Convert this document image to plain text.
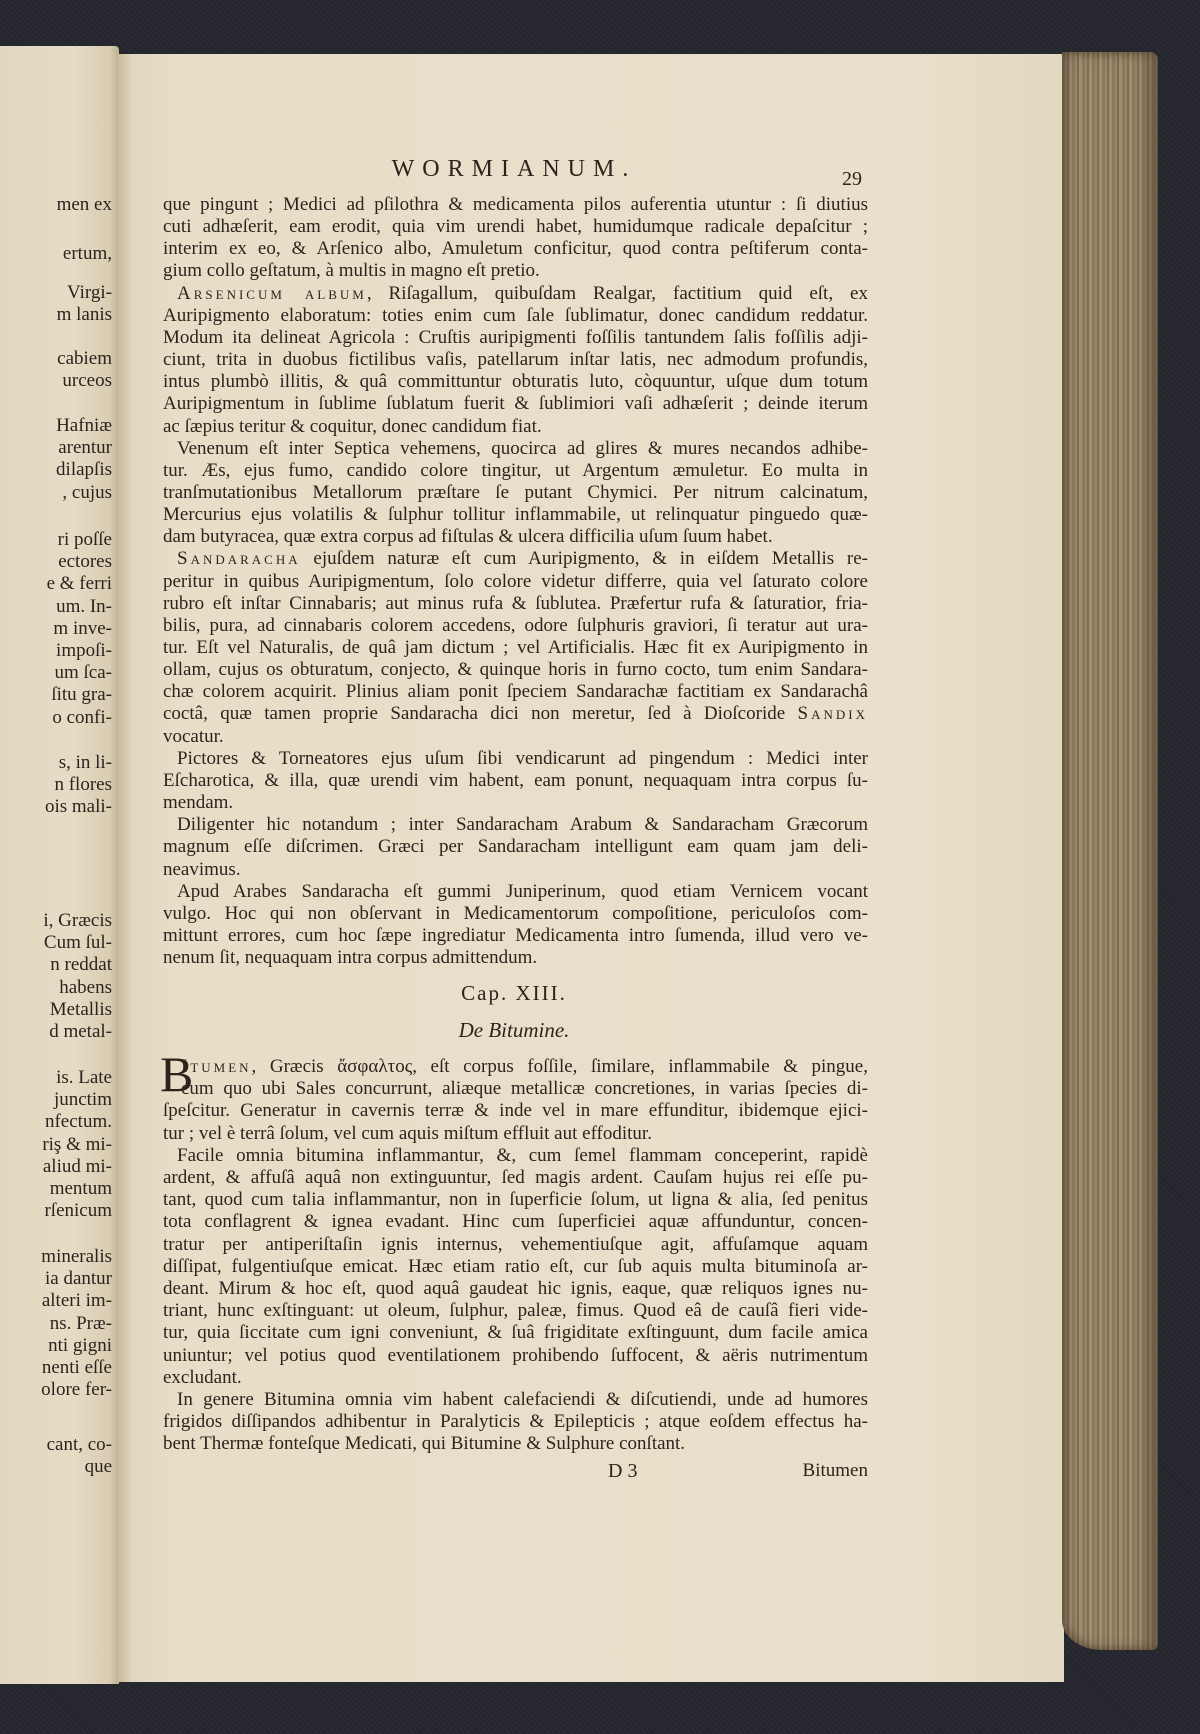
men ex
ertum,
Virgi-
m lanis
cabiem
urceos
Hafniæ
arentur
dilapſis
, cujus
ri poſſe
ectores
e & ferri
um. In-
m inve-
impoſi-
um ſca-
ſitu gra-
o confi-
s, in li-
n flores
ois mali-
i, Græcis
Cum ſul-
n reddat
habens
Metallis
d metal-
is. Late
junctim
nfectum.
riş & mi-
aliud mi-
mentum
rſenicum
mineralis
ia dantur
alteri im-
ns. Præ-
nti gigni
nenti eſſe
olore fer-
cant, co-
que
WORMIANUM.	29
Cap. XIII.
De Bitumine.
B
D 3	Bitumen
que pingunt ; Medici ad pſilothra & medicamenta pilos auferentia utuntur : ſi diutius
cuti adhæſerit, eam erodit, quia vim urendi habet, humidumque radicale depaſcitur ;
interim ex eo, & Arſenico albo, Amuletum conficitur, quod contra peſtiferum conta-
gium collo geſtatum, à multis in magno eſt pretio.
Arsenicum album, Riſagallum, quibuſdam Realgar, factitium quid eſt, ex
Auripigmento elaboratum: toties enim cum ſale ſublimatur, donec candidum reddatur.
Modum ita delineat Agricola : Cruſtis auripigmenti foſſilis tantundem ſalis foſſilis adji-
ciunt, trita in duobus fictilibus vaſis, patellarum inſtar latis, nec admodum profundis,
intus plumbò illitis, & quâ committuntur obturatis luto, còquuntur, uſque dum totum
Auripigmentum in ſublime ſublatum fuerit & ſublimiori vaſi adhæſerit ; deinde iterum
ac ſæpius teritur & coquitur, donec candidum fiat.
Venenum eſt inter Septica vehemens, quocirca ad glires & mures necandos adhibe-
tur. Æs, ejus fumo, candido colore tingitur, ut Argentum æmuletur. Eo multa in
tranſmutationibus Metallorum præſtare ſe putant Chymici. Per nitrum calcinatum,
Mercurius ejus volatilis & ſulphur tollitur inflammabile, ut relinquatur pinguedo quæ-
dam butyracea, quæ extra corpus ad fiſtulas & ulcera difficilia uſum ſuum habet.
Sandaracha ejuſdem naturæ eſt cum Auripigmento, & in eiſdem Metallis re-
peritur in quibus Auripigmentum, ſolo colore videtur differre, quia vel ſaturato colore
rubro eſt inſtar Cinnabaris; aut minus rufa & ſublutea. Præfertur rufa & ſaturatior, fria-
bilis, pura, ad cinnabaris colorem accedens, odore ſulphuris graviori, ſi teratur aut ura-
tur. Eſt vel Naturalis, de quâ jam dictum ; vel Artificialis. Hæc fit ex Auripigmento in
ollam, cujus os obturatum, conjecto, & quinque horis in furno cocto, tum enim Sandara-
chæ colorem acquirit. Plinius aliam ponit ſpeciem Sandarachæ factitiam ex Sandarachâ
coctâ, quæ tamen proprie Sandaracha dici non meretur, ſed à Dioſcoride Sandix
vocatur.
Pictores & Torneatores ejus uſum ſibi vendicarunt ad pingendum : Medici inter
Eſcharotica, & illa, quæ urendi vim habent, eam ponunt, nequaquam intra corpus ſu-
mendam.
Diligenter hic notandum ; inter Sandaracham Arabum & Sandaracham Græcorum
magnum eſſe diſcrimen. Græci per Sandaracham intelligunt eam quam jam deli-
neavimus.
Apud Arabes Sandaracha eſt gummi Juniperinum, quod etiam Vernicem vocant
vulgo. Hoc qui non obſervant in Medicamentorum compoſitione, periculoſos com-
mittunt errores, cum hoc ſæpe ingrediatur Medicamenta intro ſumenda, illud vero ve-
nenum ſit, nequaquam intra corpus admittendum.
Itumen, Græcis ἄσφαλτος, eſt corpus foſſile, ſimilare, inflammabile & pingue,
cum quo ubi Sales concurrunt, aliæque metallicæ concretiones, in varias ſpecies di-
ſpeſcitur. Generatur in cavernis terræ & inde vel in mare effunditur, ibidemque ejici-
tur ; vel è terrâ ſolum, vel cum aquis miſtum effluit aut effoditur.
Facile omnia bitumina inflammantur, &, cum ſemel flammam conceperint, rapidè
ardent, & affuſâ aquâ non extinguuntur, ſed magis ardent. Cauſam hujus rei eſſe pu-
tant, quod cum talia inflammantur, non in ſuperficie ſolum, ut ligna & alia, ſed penitus
tota conflagrent & ignea evadant. Hinc cum ſuperficiei aquæ affunduntur, concen-
tratur per antiperiſtaſin ignis internus, vehementiuſque agit, affuſamque aquam
diſſipat, fulgentiuſque emicat. Hæc etiam ratio eſt, cur ſub aquis multa bituminoſa ar-
deant. Mirum & hoc eſt, quod aquâ gaudeat hic ignis, eaque, quæ reliquos ignes nu-
triant, hunc exſtinguant: ut oleum, ſulphur, paleæ, fimus. Quod eâ de cauſâ fieri vide-
tur, quia ſiccitate cum igni conveniunt, & ſuâ frigiditate exſtinguunt, dum facile amica
uniuntur; vel potius quod eventilationem prohibendo ſuffocent, & aëris nutrimentum
excludant.
In genere Bitumina omnia vim habent calefaciendi & diſcutiendi, unde ad humores
frigidos diſſipandos adhibentur in Paralyticis & Epilepticis ; atque eoſdem effectus ha-
bent Thermæ fonteſque Medicati, qui Bitumine & Sulphure conſtant.
